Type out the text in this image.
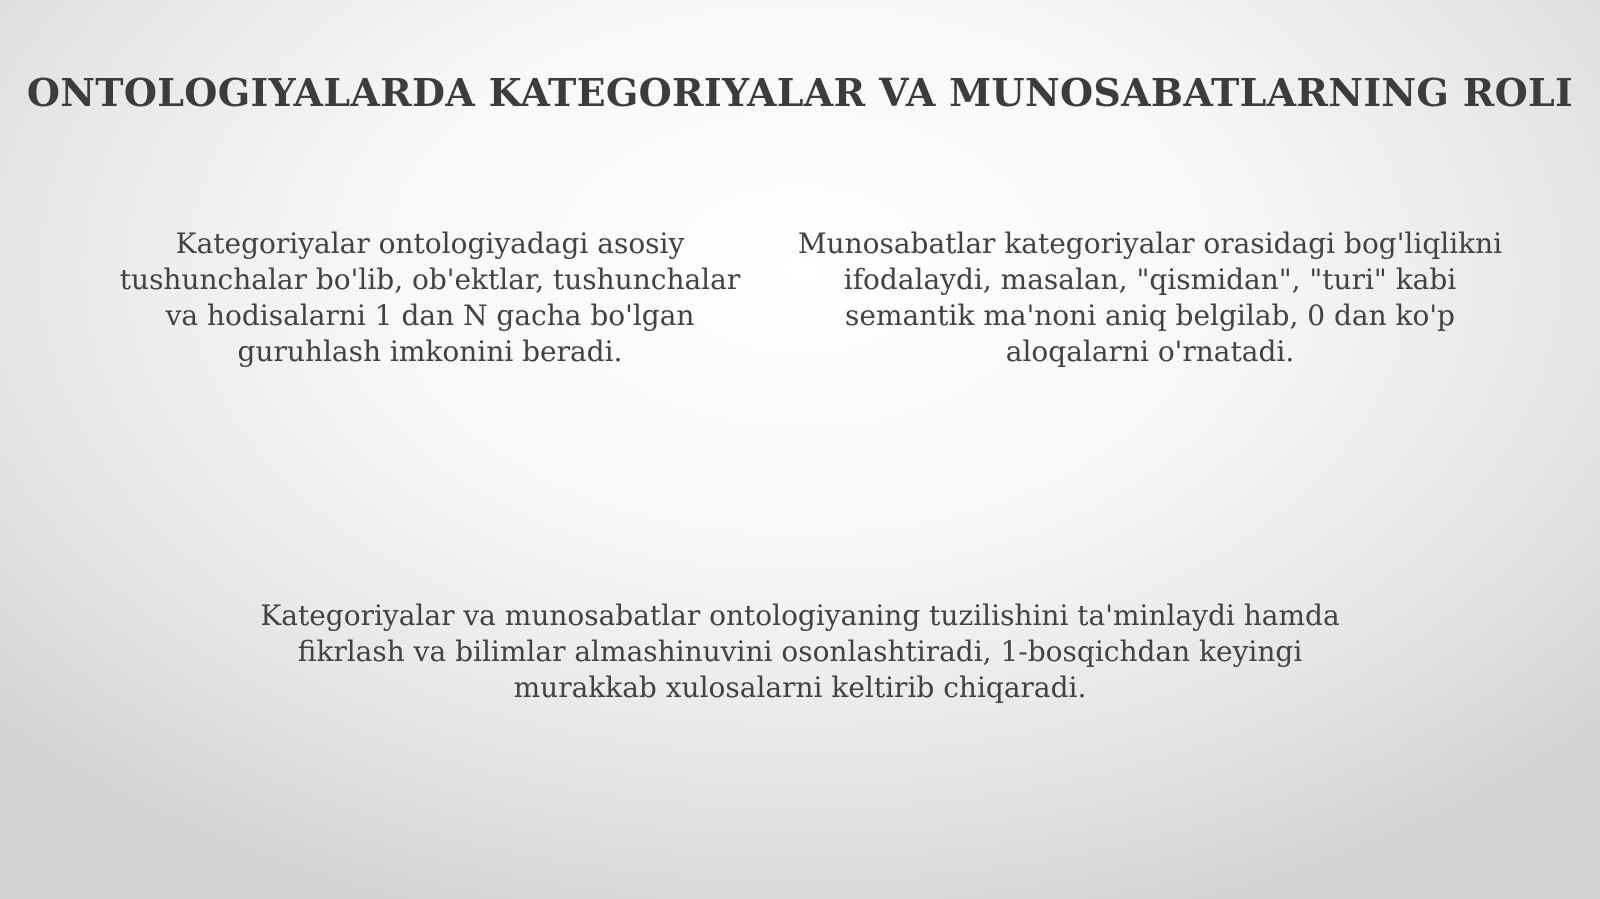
ONTOLOGIYALARDA KATEGORIYALAR VA MUNOSABATLARNING ROLI

Kategoriyalar ontologiyadagi asosiy tushunchalar bo'lib, ob'ektlar, tushunchalar va hodisalarni 1 dan N gacha bo'lgan guruhlash imkonini beradi.

Munosabatlar kategoriyalar orasidagi bog'liqlikni ifodalaydi, masalan, "qismidan", "turi" kabi semantik ma'noni aniq belgilab, 0 dan ko'p aloqalarni o'rnatadi.

Kategoriyalar va munosabatlar ontologiyaning tuzilishini ta'minlaydi hamda fikrlash va bilimlar almashinuvini osonlashtiradi, 1-bosqichdan keyingi murakkab xulosalarni keltirib chiqaradi.
